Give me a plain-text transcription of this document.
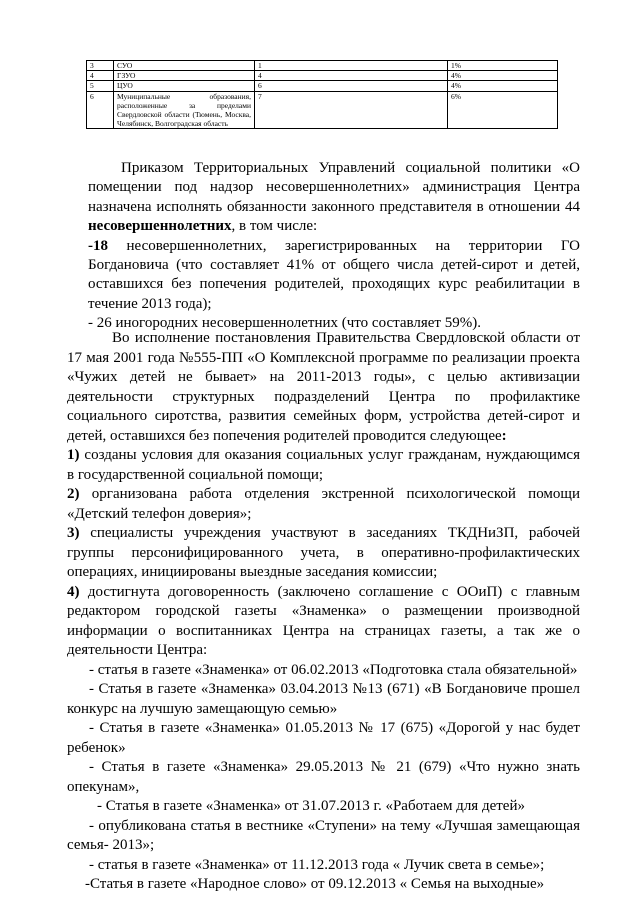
3	СУО	1	1%
4	ГЗУО	4	4%
5	ЦУО	6	4%
6	Муниципальные образования, расположенные за пределами Свердловской области (Тюмень, Москва, Челябинск, Волгоградская область	7	6%

Приказом Территориальных Управлений социальной политики «О помещении под надзор несовершеннолетних» администрация Центра назначена исполнять обязанности законного представителя в отношении 44 несовершеннолетних, в том числе:

-18 несовершеннолетних, зарегистрированных на территории ГО Богдановича (что составляет 41% от общего числа детей-сирот и детей, оставшихся без попечения родителей, проходящих курс реабилитации в течение 2013 года);

- 26 иногородних несовершеннолетних (что составляет 59%).

Во исполнение постановления Правительства Свердловской области от 17 мая 2001 года №555-ПП «О Комплексной программе по реализации проекта «Чужих детей не бывает» на 2011-2013 годы», с целью активизации деятельности структурных подразделений Центра по профилактике социального сиротства, развития семейных форм, устройства детей-сирот и детей, оставшихся без попечения родителей проводится следующее:

1) созданы условия для оказания социальных услуг гражданам, нуждающимся в государственной социальной помощи;

2) организована работа отделения экстренной психологической помощи «Детский телефон доверия»;

3) специалисты учреждения участвуют в заседаниях ТКДНиЗП, рабочей группы персонифицированного учета, в оперативно-профилактических операциях, инициированы выездные заседания комиссии;

4) достигнута договоренность (заключено соглашение с ООиП) с главным редактором городской газеты «Знаменка» о размещении производной информации о воспитанниках Центра на страницах газеты, а так же о деятельности Центра:

- статья в газете «Знаменка» от 06.02.2013 «Подготовка стала обязательной»

- Статья в газете «Знаменка» 03.04.2013 №13 (671) «В Богдановиче прошел конкурс на лучшую замещающую семью»

- Статья в газете «Знаменка» 01.05.2013 № 17 (675) «Дорогой у нас будет ребенок»

- Статья в газете «Знаменка» 29.05.2013 № 21 (679) «Что нужно знать опекунам»,

- Статья в газете «Знаменка» от 31.07.2013 г. «Работаем для детей»

- опубликована статья в вестнике «Ступени» на тему «Лучшая замещающая семья- 2013»;

- статья в газете «Знаменка» от 11.12.2013 года « Лучик света в семье»;

-Статья в газете «Народное слово» от 09.12.2013 « Семья на выходные»
